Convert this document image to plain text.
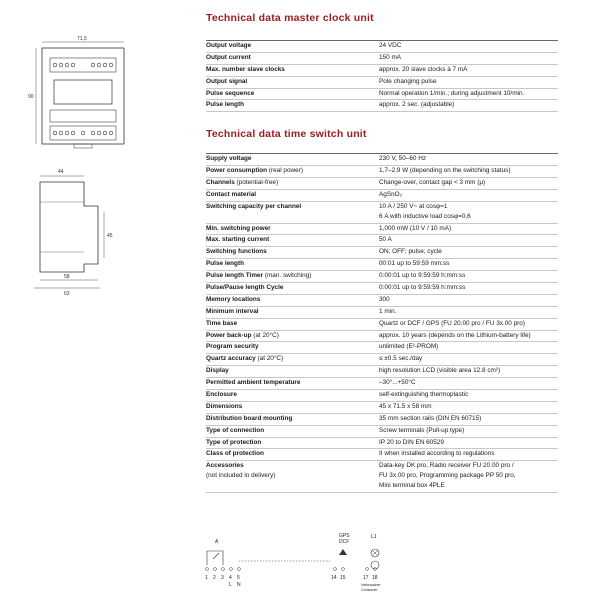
71,5
90
44
45
58
63
Technical data master clock unit
Output voltage	24 VDC
Output current	150 mA
Max. number slave clocks	approx. 20 slave clocks à 7 mA
Output signal	Pole changing pulse
Pulse sequence	Normal operation 1/min.; during adjustment 10/min.
Pulse length	approx. 2 sec. (adjustable)
Technical data time switch unit
Supply voltage	230 V, 50–60 Hz
Power consumption (real power)	1,7–2,9 W (depending on the switching status)
Channels (potential-free)	Change-over, contact gap < 3 mm (μ)
Contact material	AgSnO₂
Switching capacity per channel	10 A / 250 V~ at cosφ=1
6 A with inductive load cosφ=0,6
Min. switching power	1,000 mW (10 V / 10 mA)
Max. starting current	50 A
Switching functions	ON; OFF; pulse; cycle
Pulse length	00:01 up to 59:59 mm:ss
Pulse length Timer (man. switching)	0:00:01 up to 9:59:59 h:mm:ss
Pulse/Pause length Cycle	0:00:01 up to 9:59:59 h:mm:ss
Memory locations	300
Minimum interval	1 min.
Time base	Quartz or DCF / GPS (FU 20.00 pro / FU 3x.00 pro)
Power back-up (at 20°C)	approx. 10 years (depends on the Lithium-battery life)
Program security	unlimited (E²-PROM)
Quartz accuracy (at 20°C)	≤ ±0.5 sec./day
Display	high resolution LCD (visible area 12.8 cm²)
Permitted ambient temperature	–30°...+50°C
Enclosure	self-extinguishing thermoplastic
Dimensions	45 x 71.5 x 58 mm
Distribution board mounting	35 mm section rails (DIN EN 60715)
Type of connection	Screw terminals (Pull-up type)
Type of protection	IP 20 to DIN EN 60529
Class of protection	II when installed according to regulations
Accessories
(not included in delivery)
Data-key DK pro, Radio receiver FU 20.00 pro /
FU 3x.00 pro, Programming package PP 50 pro,
Mini terminal box 4PLE
A
GPS
DCF
L1
1 2 3 4 5	14 15	17 18
L N	Verbraucher
Consumer
